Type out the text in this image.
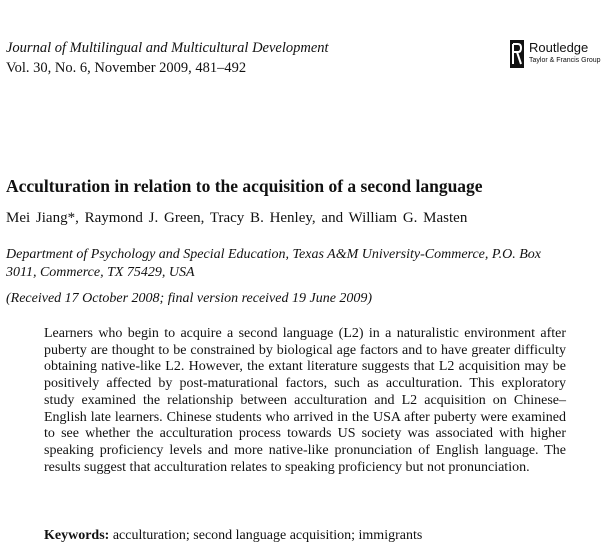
Journal of Multilingual and Multicultural Development
Vol. 30, No. 6, November 2009, 481–492
Routledge
Taylor & Francis Group
Acculturation in relation to the acquisition of a second language
Mei Jiang*, Raymond J. Green, Tracy B. Henley, and William G. Masten
Department of Psychology and Special Education, Texas A&M University-Commerce, P.O. Box
3011, Commerce, TX 75429, USA
(Received 17 October 2008; final version received 19 June 2009)

Learners who begin to acquire a second language (L2) in a naturalistic environment after puberty are thought to be constrained by biological age factors and to have greater difficulty obtaining native-like L2. However, the extant literature suggests that L2 acquisition may be positively affected by post-maturational factors, such as acculturation. This exploratory study examined the relationship between acculturation and L2 acquisition on Chinese–English late learners. Chinese students who arrived in the USA after puberty were examined to see whether the acculturation process towards US society was associated with higher speaking proficiency levels and more native-like pronunciation of English language. The results suggest that acculturation relates to speaking proficiency but not pronunciation.

Keywords: acculturation; second language acquisition; immigrants
